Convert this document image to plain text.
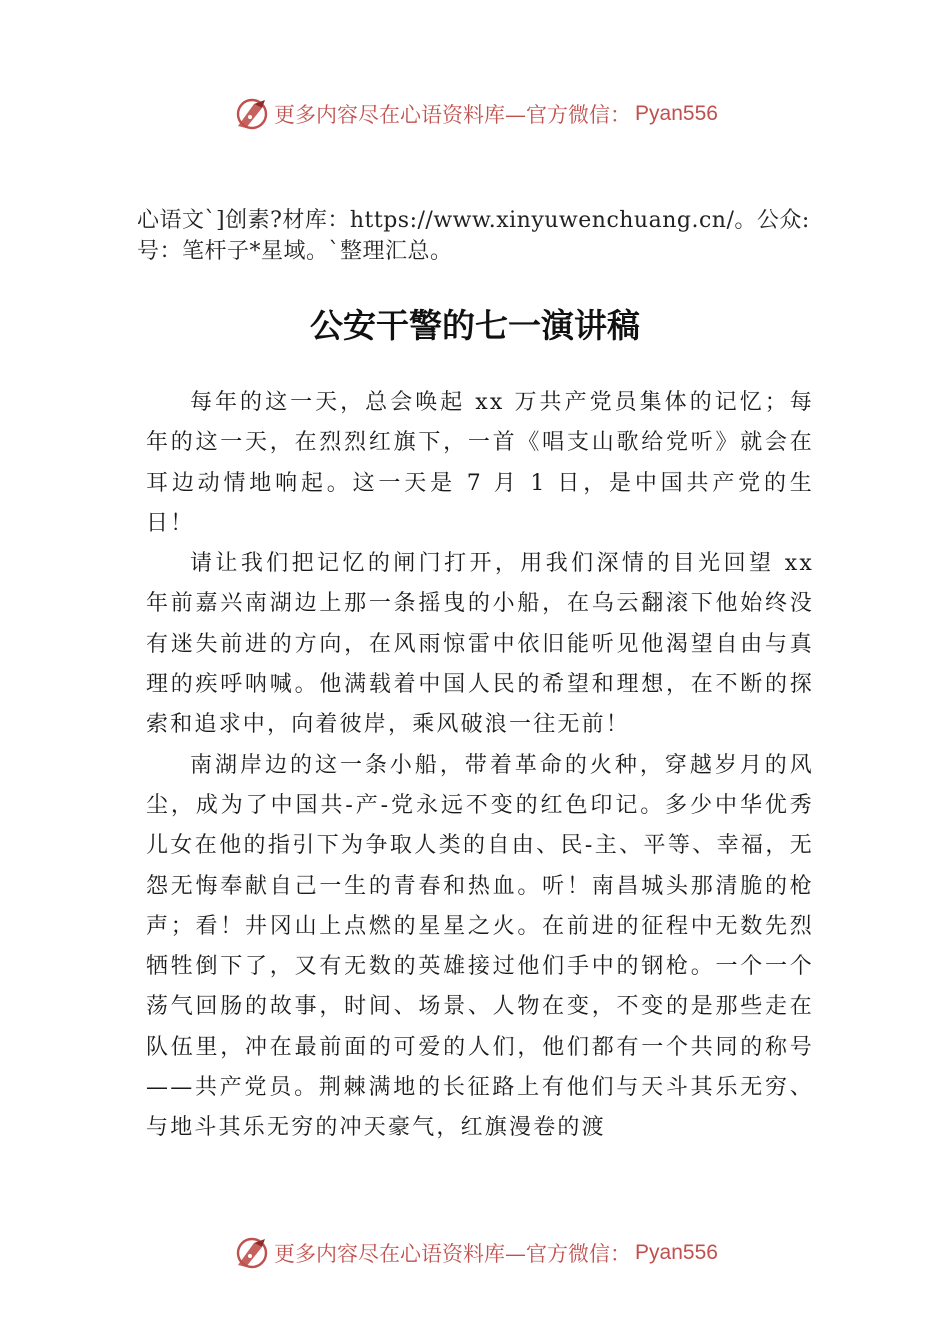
更多内容尽在心语资料库—官方微信： Pyan556
心语文`]创素?材库：https://www.xinyuwenchuang.cn/。公众:号：笔杆子*星域。`整理汇总。
公安干警的七一演讲稿

每年的这一天，总会唤起 xx 万共产党员集体的记忆；每年的这一天，在烈烈红旗下，一首《唱支山歌给党听》就会在耳边动情地响起。这一天是 7 月 1 日，是中国共产党的生日！

请让我们把记忆的闸门打开，用我们深情的目光回望 xx 年前嘉兴南湖边上那一条摇曳的小船，在乌云翻滚下他始终没有迷失前进的方向，在风雨惊雷中依旧能听见他渴望自由与真理的疾呼呐喊。他满载着中国人民的希望和理想，在不断的探索和追求中，向着彼岸，乘风破浪一往无前！

南湖岸边的这一条小船，带着革命的火种，穿越岁月的风尘，成为了中国共-产-党永远不变的红色印记。多少中华优秀儿女在他的指引下为争取人类的自由、民-主、平等、幸福，无怨无悔奉献自己一生的青春和热血。听！南昌城头那清脆的枪声；看！井冈山上点燃的星星之火。在前进的征程中无数先烈牺牲倒下了，又有无数的英雄接过他们手中的钢枪。一个一个荡气回肠的故事，时间、场景、人物在变，不变的是那些走在队伍里，冲在最前面的可爱的人们，他们都有一个共同的称号——共产党员。荆棘满地的长征路上有他们与天斗其乐无穷、与地斗其乐无穷的冲天豪气，红旗漫卷的渡

更多内容尽在心语资料库—官方微信： Pyan556
